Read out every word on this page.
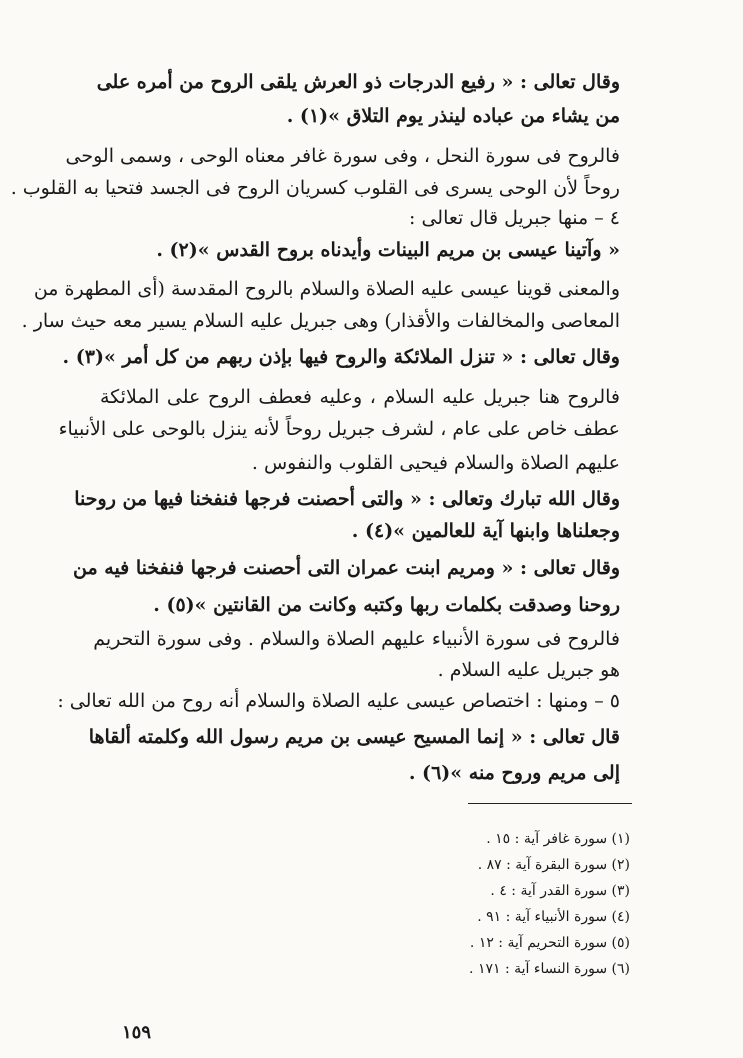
وقال تعالى : « رفيع الدرجات ذو العرش يلقى الروح من أمره على
من يشاء من عباده لينذر يوم التلاق »(١) .
فالروح فى سورة النحل ، وفى سورة غافر معناه الوحى ، وسمى الوحى
روحاً لأن الوحى يسرى فى القلوب كسريان الروح فى الجسد فتحيا به القلوب .
٤ – منها جبريل قال تعالى :
« وآتينا عيسى بن مريم البينات وأيدناه بروح القدس »(٢) .
والمعنى قوينا عيسى عليه الصلاة والسلام بالروح المقدسة (أى المطهرة من
المعاصى والمخالفات والأقذار) وهى جبريل عليه السلام يسير معه حيث سار .
وقال تعالى : « تنزل الملائكة والروح فيها بإذن ربهم من كل أمر »(٣) .
فالروح هنا جبريل عليه السلام ، وعليه فعطف الروح على الملائكة
عطف خاص على عام ، لشرف جبريل روحاً لأنه ينزل بالوحى على الأنبياء
عليهم الصلاة والسلام فيحيى القلوب والنفوس .
وقال الله تبارك وتعالى : « والتى أحصنت فرجها فنفخنا فيها من روحنا
وجعلناها وابنها آية للعالمين »(٤) .
وقال تعالى : « ومريم ابنت عمران التى أحصنت فرجها فنفخنا فيه من
روحنا وصدقت بكلمات ربها وكتبه وكانت من القانتين »(٥) .
فالروح فى سورة الأنبياء عليهم الصلاة والسلام . وفى سورة التحريم
هو جبريل عليه السلام .
٥ – ومنها : اختصاص عيسى عليه الصلاة والسلام أنه روح من الله تعالى :
قال تعالى : « إنما المسيح عيسى بن مريم رسول الله وكلمته ألقاها
إلى مريم وروح منه »(٦) .
(١) سورة غافر آية : ١٥ .
(٢) سورة البقرة آية : ٨٧ .
(٣) سورة القدر آية : ٤ .
(٤) سورة الأنبياء آية : ٩١ .
(٥) سورة التحريم آية : ١٢ .
(٦) سورة النساء آية : ١٧١ .
١٥٩
